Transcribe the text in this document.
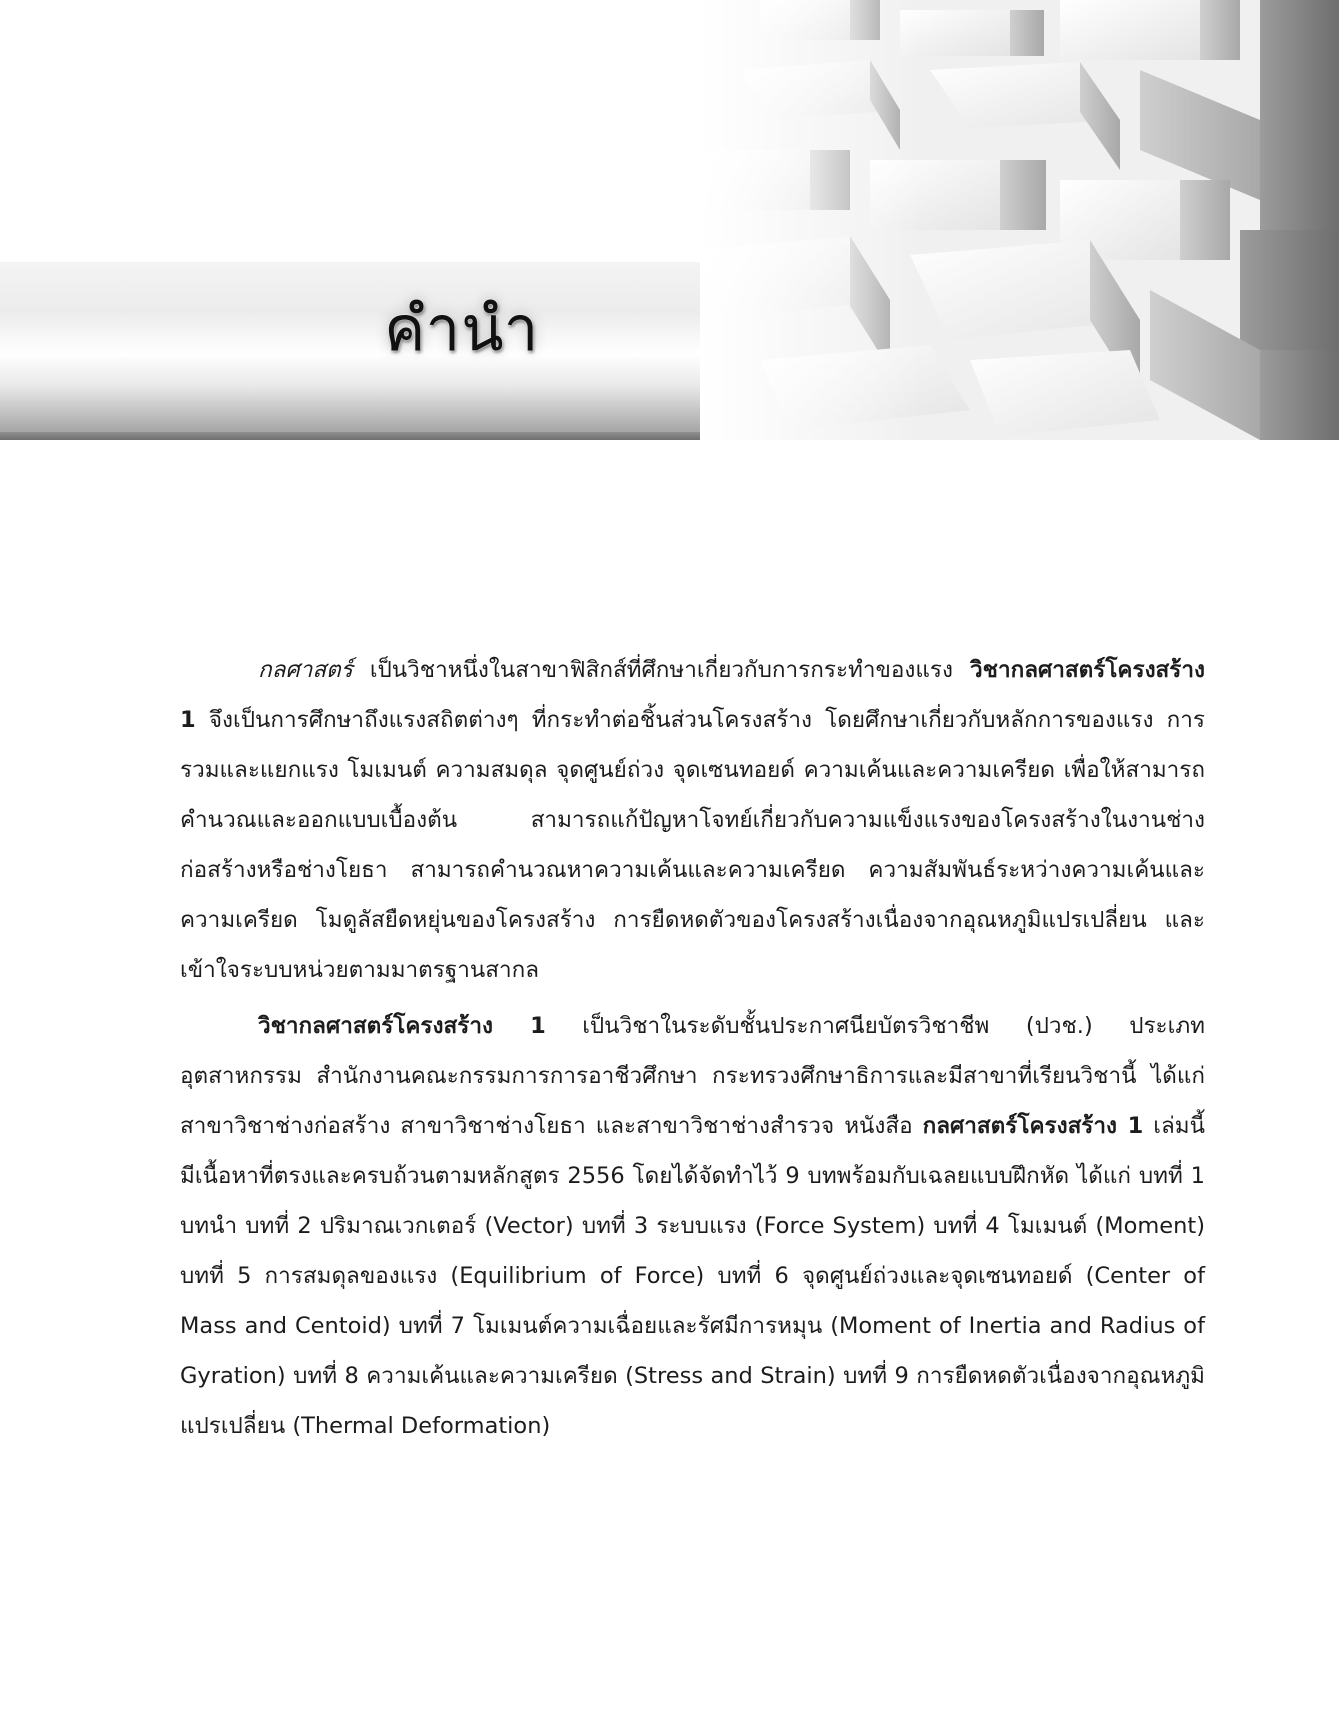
คำนำ

กลศาสตร์ เป็นวิชาหนึ่งในสาขาฟิสิกส์ที่ศึกษาเกี่ยวกับการกระทำของแรง วิชากลศาสตร์โครงสร้าง 1 จึงเป็นการศึกษาถึงแรงสถิตต่างๆ ที่กระทำต่อชิ้นส่วนโครงสร้าง โดยศึกษาเกี่ยวกับหลักการของแรง การรวมและแยกแรง โมเมนต์ ความสมดุล จุดศูนย์ถ่วง จุดเซนทอยด์ ความเค้นและความเครียด เพื่อให้สามารถคำนวณและออกแบบเบื้องต้น สามารถแก้ปัญหาโจทย์เกี่ยวกับความแข็งแรงของโครงสร้างในงานช่างก่อสร้างหรือช่างโยธา สามารถคำนวณหาความเค้นและความเครียด ความสัมพันธ์ระหว่างความเค้นและความเครียด โมดูลัสยืดหยุ่นของโครงสร้าง การยืดหดตัวของโครงสร้างเนื่องจากอุณหภูมิแปรเปลี่ยน และเข้าใจระบบหน่วยตามมาตรฐานสากล

วิชากลศาสตร์โครงสร้าง 1 เป็นวิชาในระดับชั้นประกาศนียบัตรวิชาชีพ (ปวช.) ประเภทอุตสาหกรรม สำนักงานคณะกรรมการการอาชีวศึกษา กระทรวงศึกษาธิการและมีสาขาที่เรียนวิชานี้ ได้แก่ สาขาวิชาช่างก่อสร้าง สาขาวิชาช่างโยธา และสาขาวิชาช่างสำรวจ หนังสือ กลศาสตร์โครงสร้าง 1 เล่มนี้ มีเนื้อหาที่ตรงและครบถ้วนตามหลักสูตร 2556 โดยได้จัดทำไว้ 9 บทพร้อมกับเฉลยแบบฝึกหัด ได้แก่ บทที่ 1 บทนำ บทที่ 2 ปริมาณเวกเตอร์ (Vector) บทที่ 3 ระบบแรง (Force System) บทที่ 4 โมเมนต์ (Moment) บทที่ 5 การสมดุลของแรง (Equilibrium of Force) บทที่ 6 จุดศูนย์ถ่วงและจุดเซนทอยด์ (Center of Mass and Centoid) บทที่ 7 โมเมนต์ความเฉื่อยและรัศมีการหมุน (Moment of Inertia and Radius of Gyration) บทที่ 8 ความเค้นและความเครียด (Stress and Strain) บทที่ 9 การยืดหดตัวเนื่องจากอุณหภูมิแปรเปลี่ยน (Thermal Deformation)
